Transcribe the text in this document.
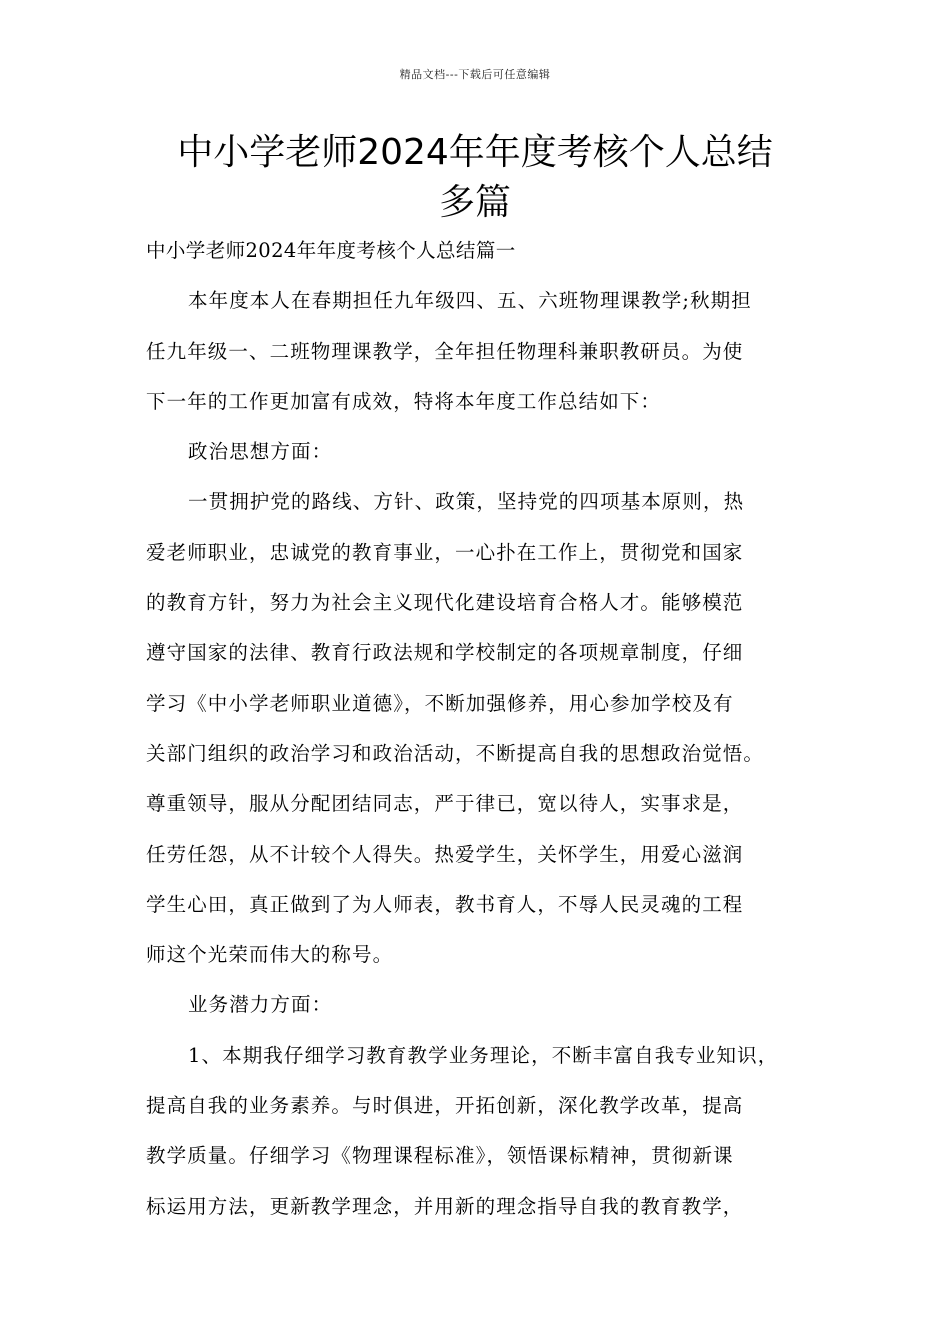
精品文档---下载后可任意编辑
中小学老师2024年年度考核个人总结
多篇
中小学老师2024年年度考核个人总结篇一
本年度本人在春期担任九年级四、五、六班物理课教学;秋期担
任九年级一、二班物理课教学，全年担任物理科兼职教研员。为使
下一年的工作更加富有成效，特将本年度工作总结如下：
政治思想方面：
一贯拥护党的路线、方针、政策，坚持党的四项基本原则，热
爱老师职业，忠诚党的教育事业，一心扑在工作上，贯彻党和国家
的教育方针，努力为社会主义现代化建设培育合格人才。能够模范
遵守国家的法律、教育行政法规和学校制定的各项规章制度，仔细
学习《中小学老师职业道德》，不断加强修养，用心参加学校及有
关部门组织的政治学习和政治活动，不断提高自我的思想政治觉悟。
尊重领导，服从分配团结同志，严于律已，宽以待人，实事求是，
任劳任怨，从不计较个人得失。热爱学生，关怀学生，用爱心滋润
学生心田，真正做到了为人师表，教书育人，不辱人民灵魂的工程
师这个光荣而伟大的称号。
业务潜力方面：
1、本期我仔细学习教育教学业务理论，不断丰富自我专业知识，
提高自我的业务素养。与时俱进，开拓创新，深化教学改革，提高
教学质量。仔细学习《物理课程标准》，领悟课标精神，贯彻新课
标运用方法，更新教学理念，并用新的理念指导自我的教育教学，
